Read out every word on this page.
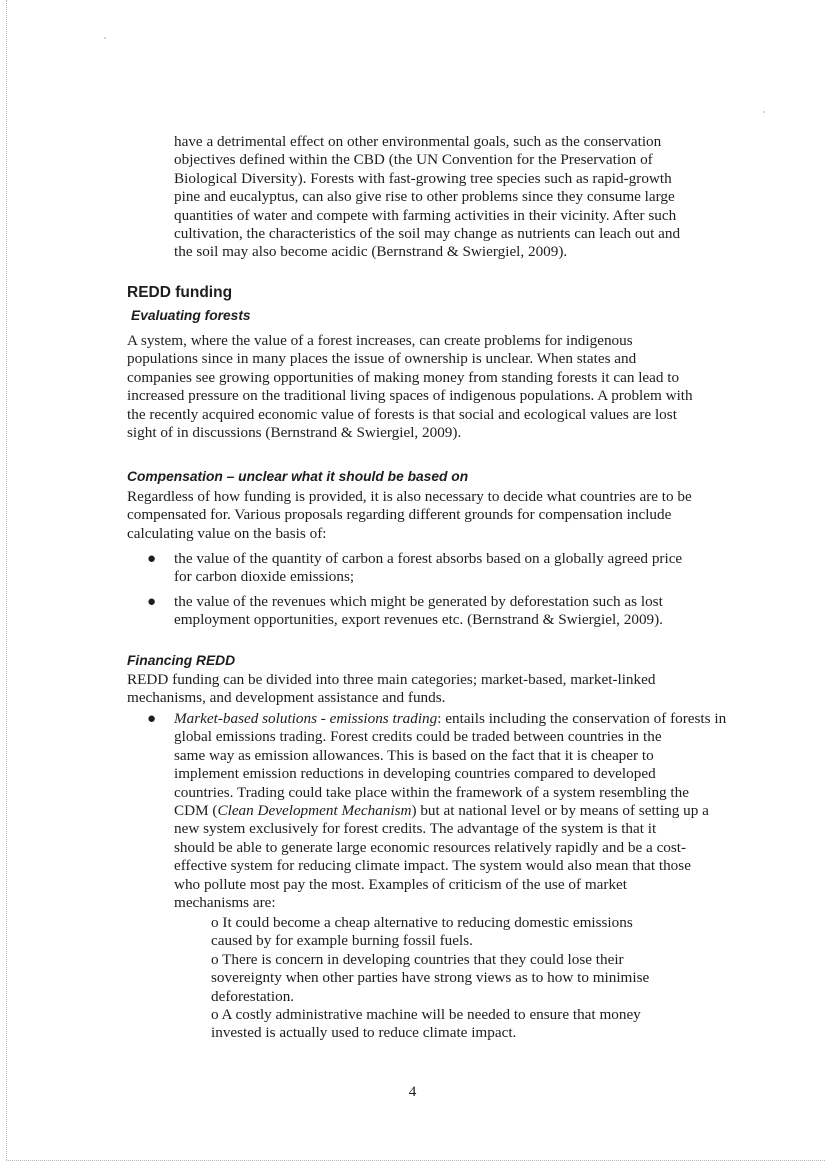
have a detrimental effect on other environmental goals, such as the conservation
objectives defined within the CBD (the UN Convention for the Preservation of
Biological Diversity). Forests with fast-growing tree species such as rapid-growth
pine and eucalyptus, can also give rise to other problems since they consume large
quantities of water and compete with farming activities in their vicinity. After such
cultivation, the characteristics of the soil may change as nutrients can leach out and
the soil may also become acidic (Bernstrand & Swiergiel, 2009).

REDD funding
Evaluating forests

A system, where the value of a forest increases, can create problems for indigenous
populations since in many places the issue of ownership is unclear. When states and
companies see growing opportunities of making money from standing forests it can lead to
increased pressure on the traditional living spaces of indigenous populations. A problem with
the recently acquired economic value of forests is that social and ecological values are lost
sight of in discussions (Bernstrand & Swiergiel, 2009).

Compensation – unclear what it should be based on

Regardless of how funding is provided, it is also necessary to decide what countries are to be
compensated for. Various proposals regarding different grounds for compensation include
calculating value on the basis of:

● the value of the quantity of carbon a forest absorbs based on a globally agreed price
for carbon dioxide emissions;
● the value of the revenues which might be generated by deforestation such as lost
employment opportunities, export revenues etc. (Bernstrand & Swiergiel, 2009).
Financing REDD

REDD funding can be divided into three main categories; market-based, market-linked
mechanisms, and development assistance and funds.

● Market-based solutions - emissions trading: entails including the conservation of forests in
global emissions trading. Forest credits could be traded between countries in the
same way as emission allowances. This is based on the fact that it is cheaper to
implement emission reductions in developing countries compared to developed
countries. Trading could take place within the framework of a system resembling the
CDM (Clean Development Mechanism) but at national level or by means of setting up a
new system exclusively for forest credits. The advantage of the system is that it
should be able to generate large economic resources relatively rapidly and be a cost-
effective system for reducing climate impact. The system would also mean that those
who pollute most pay the most. Examples of criticism of the use of market
mechanisms are:
o It could become a cheap alternative to reducing domestic emissions
caused by for example burning fossil fuels.
o There is concern in developing countries that they could lose their
sovereignty when other parties have strong views as to how to minimise
deforestation.
o A costly administrative machine will be needed to ensure that money
invested is actually used to reduce climate impact.
4
